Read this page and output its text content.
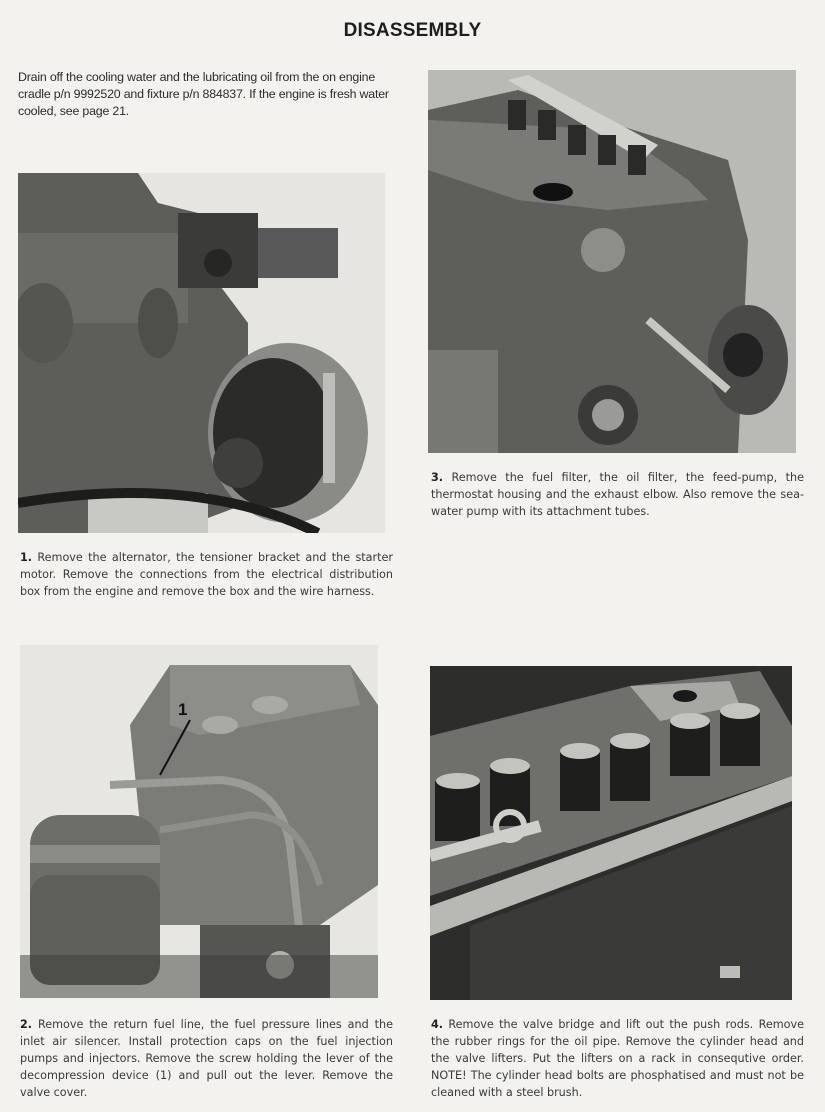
DISASSEMBLY
Drain off the cooling water and the lubricating oil from the on engine cradle p/n 9992520 and fixture p/n 884837. If the engine is fresh water cooled, see page 21.
1. Remove the alternator, the tensioner bracket and the starter motor. Remove the connections from the electrical distribution box from the engine and remove the box and the wire harness.
3. Remove the fuel filter, the oil filter, the feed-pump, the thermostat housing and the exhaust elbow. Also remove the sea-water pump with its attachment tubes.
1
2. Remove the return fuel line, the fuel pressure lines and the inlet air silencer. Install protection caps on the fuel injection pumps and injectors. Remove the screw holding the lever of the decompression device (1) and pull out the lever. Remove the valve cover.
4. Remove the valve bridge and lift out the push rods. Remove the rubber rings for the oil pipe. Remove the cylinder head and the valve lifters. Put the lifters on a rack in consequtive order. NOTE! The cylinder head bolts are phosphatised and must not be cleaned with a steel brush.
